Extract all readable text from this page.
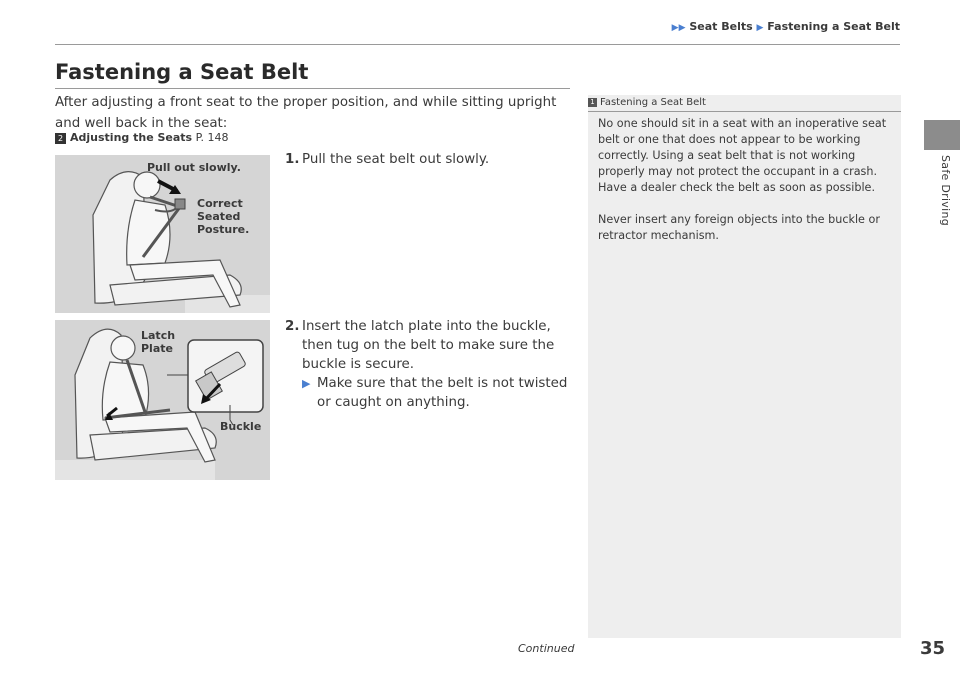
▶▶ Seat Belts ▶ Fastening a Seat Belt
Safe Driving
Fastening a Seat Belt
After adjusting a front seat to the proper position, and while sitting upright and well back in the seat:
2 Adjusting the Seats P. 148
Pull out slowly.
Correct
Seated
Posture.
Latch
Plate
Buckle
1. Pull the seat belt out slowly.
2. Insert the latch plate into the buckle, then tug on the belt to make sure the buckle is secure.
▶ Make sure that the belt is not twisted or caught on anything.
1 Fastening a Seat Belt

No one should sit in a seat with an inoperative seat belt or one that does not appear to be working correctly. Using a seat belt that is not working properly may not protect the occupant in a crash. Have a dealer check the belt as soon as possible.

Never insert any foreign objects into the buckle or retractor mechanism.

Continued	35
